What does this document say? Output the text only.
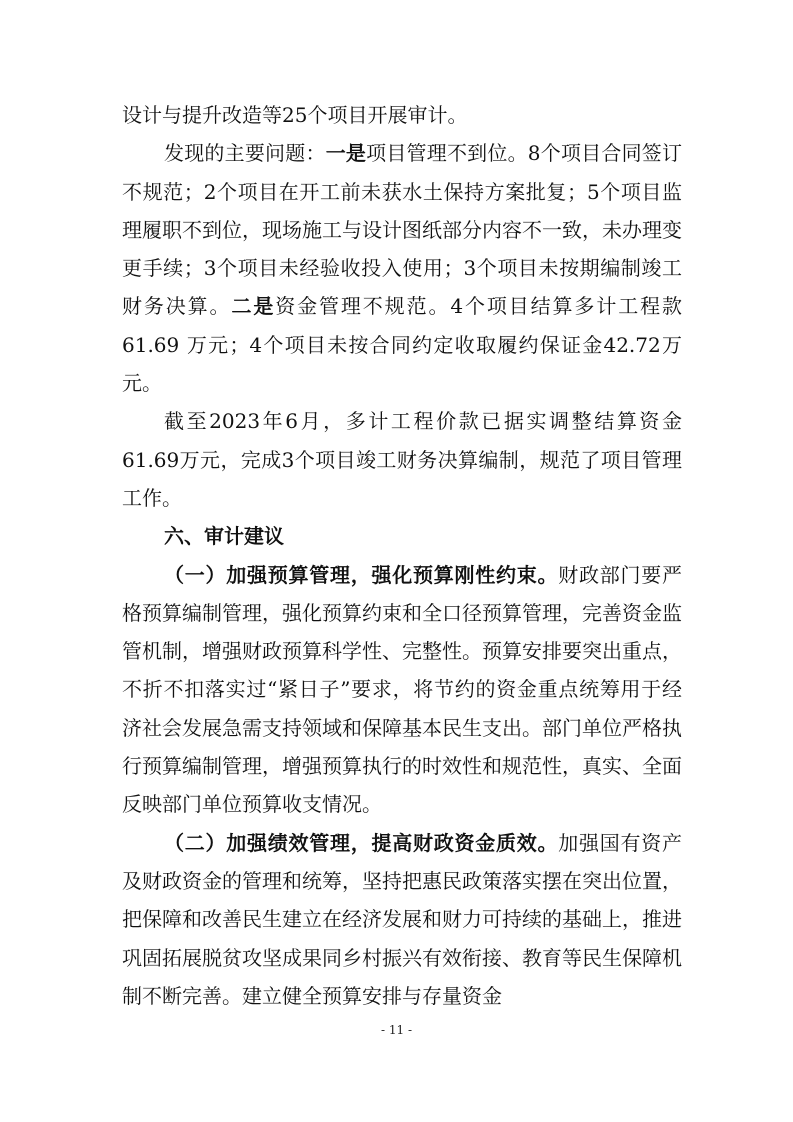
设计与提升改造等25个项目开展审计。

发现的主要问题：一是项目管理不到位。8个项目合同签订不规范；2个项目在开工前未获水土保持方案批复；5个项目监理履职不到位，现场施工与设计图纸部分内容不一致，未办理变更手续；3个项目未经验收投入使用；3个项目未按期编制竣工财务决算。二是资金管理不规范。4个项目结算多计工程款61.69 万元；4个项目未按合同约定收取履约保证金42.72万元。

截至2023年6月，多计工程价款已据实调整结算资金61.69万元，完成3个项目竣工财务决算编制，规范了项目管理工作。

六、审计建议

（一）加强预算管理，强化预算刚性约束。财政部门要严格预算编制管理，强化预算约束和全口径预算管理，完善资金监管机制，增强财政预算科学性、完整性。预算安排要突出重点，不折不扣落实过“紧日子”要求，将节约的资金重点统筹用于经济社会发展急需支持领域和保障基本民生支出。部门单位严格执行预算编制管理，增强预算执行的时效性和规范性，真实、全面反映部门单位预算收支情况。

（二）加强绩效管理，提高财政资金质效。加强国有资产及财政资金的管理和统筹，坚持把惠民政策落实摆在突出位置，把保障和改善民生建立在经济发展和财力可持续的基础上，推进巩固拓展脱贫攻坚成果同乡村振兴有效衔接、教育等民生保障机制不断完善。建立健全预算安排与存量资金

- 11 -
